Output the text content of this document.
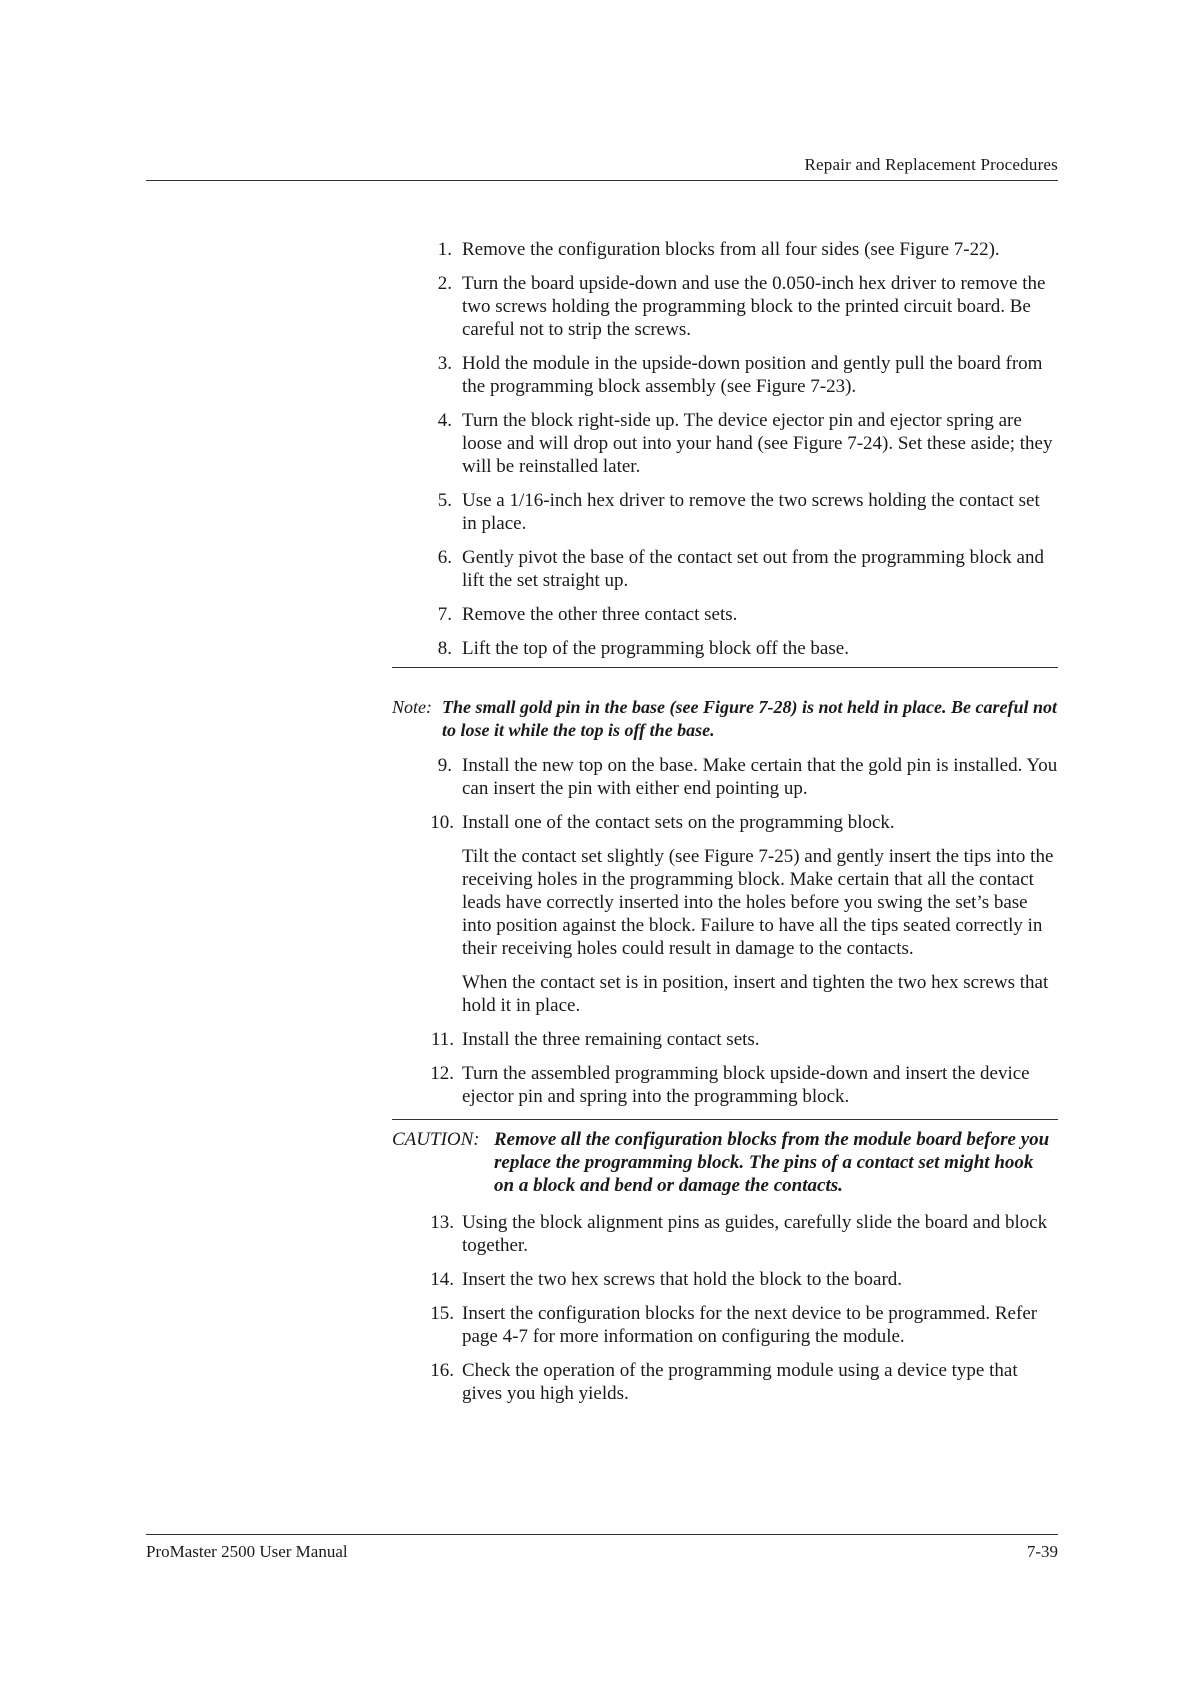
Repair and Replacement Procedures
1. Remove the configuration blocks from all four sides (see Figure 7-22).
2. Turn the board upside-down and use the 0.050-inch hex driver to remove the two screws holding the programming block to the printed circuit board. Be careful not to strip the screws.
3. Hold the module in the upside-down position and gently pull the board from the programming block assembly (see Figure 7-23).
4. Turn the block right-side up. The device ejector pin and ejector spring are loose and will drop out into your hand (see Figure 7-24). Set these aside; they will be reinstalled later.
5. Use a 1/16-inch hex driver to remove the two screws holding the contact set in place.
6. Gently pivot the base of the contact set out from the programming block and lift the set straight up.
7. Remove the other three contact sets.
8. Lift the top of the programming block off the base.
Note: The small gold pin in the base (see Figure 7-28) is not held in place. Be careful not to lose it while the top is off the base.
9. Install the new top on the base. Make certain that the gold pin is installed. You can insert the pin with either end pointing up.
10. Install one of the contact sets on the programming block.
Tilt the contact set slightly (see Figure 7-25) and gently insert the tips into the receiving holes in the programming block. Make certain that all the contact leads have correctly inserted into the holes before you swing the set’s base into position against the block. Failure to have all the tips seated correctly in their receiving holes could result in damage to the contacts.
When the contact set is in position, insert and tighten the two hex screws that hold it in place.
11. Install the three remaining contact sets.
12. Turn the assembled programming block upside-down and insert the device ejector pin and spring into the programming block.
CAUTION: Remove all the configuration blocks from the module board before you replace the programming block. The pins of a contact set might hook on a block and bend or damage the contacts.
13. Using the block alignment pins as guides, carefully slide the board and block together.
14. Insert the two hex screws that hold the block to the board.
15. Insert the configuration blocks for the next device to be programmed. Refer page 4-7 for more information on configuring the module.
16. Check the operation of the programming module using a device type that gives you high yields.
ProMaster 2500 User Manual	7-39
